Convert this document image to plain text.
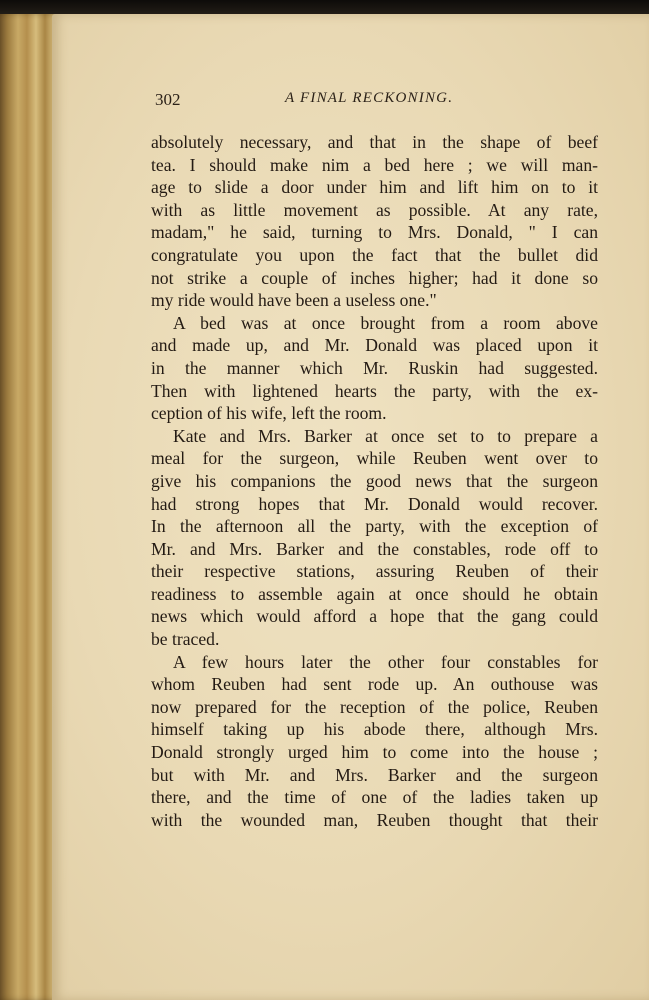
302	A FINAL RECKONING.
absolutely necessary, and that in the shape of beef
tea. I should make nim a bed here ; we will man-
age to slide a door under him and lift him on to it
with as little movement as possible. At any rate,
madam," he said, turning to Mrs. Donald, " I can
congratulate you upon the fact that the bullet did
not strike a couple of inches higher; had it done so
my ride would have been a useless one."
A bed was at once brought from a room above
and made up, and Mr. Donald was placed upon it
in the manner which Mr. Ruskin had suggested.
Then with lightened hearts the party, with the ex-
ception of his wife, left the room.
Kate and Mrs. Barker at once set to to prepare a
meal for the surgeon, while Reuben went over to
give his companions the good news that the surgeon
had strong hopes that Mr. Donald would recover.
In the afternoon all the party, with the exception of
Mr. and Mrs. Barker and the constables, rode off to
their respective stations, assuring Reuben of their
readiness to assemble again at once should he obtain
news which would afford a hope that the gang could
be traced.
A few hours later the other four constables for
whom Reuben had sent rode up. An outhouse was
now prepared for the reception of the police, Reuben
himself taking up his abode there, although Mrs.
Donald strongly urged him to come into the house ;
but with Mr. and Mrs. Barker and the surgeon
there, and the time of one of the ladies taken up
with the wounded man, Reuben thought that their
